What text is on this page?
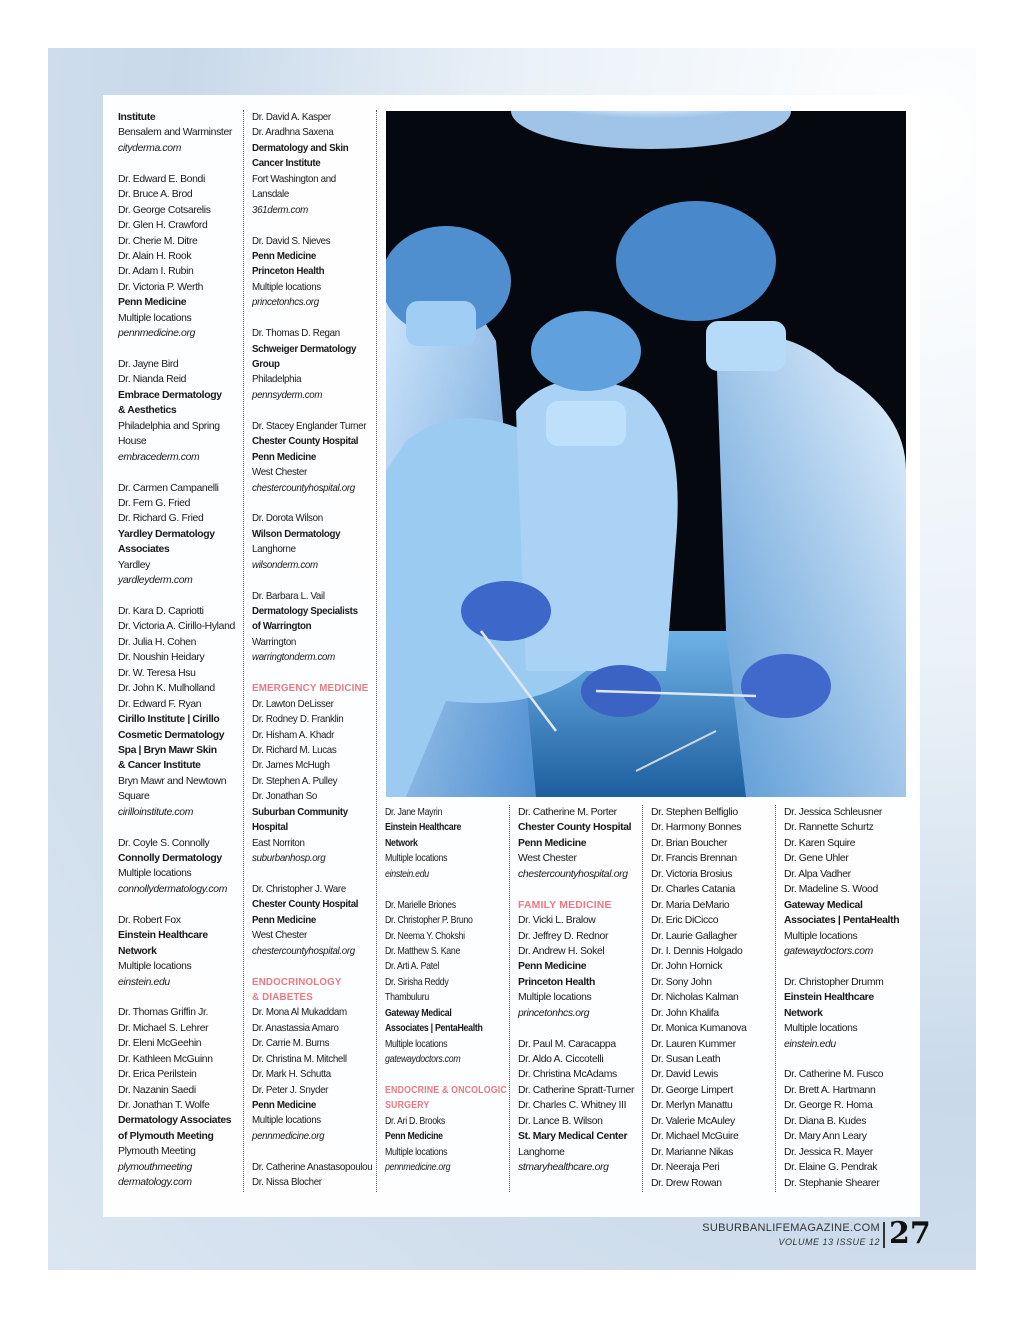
Institute
Bensalem and Warminster
cityderma.com
Dr. Edward E. Bondi
Dr. Bruce A. Brod
Dr. George Cotsarelis
Dr. Glen H. Crawford
Dr. Cherie M. Ditre
Dr. Alain H. Rook
Dr. Adam I. Rubin
Dr. Victoria P. Werth
Penn Medicine
Multiple locations
pennmedicine.org
Dr. Jayne Bird
Dr. Nianda Reid
Embrace Dermatology
& Aesthetics
Philadelphia and Spring
House
embracederm.com
Dr. Carmen Campanelli
Dr. Fern G. Fried
Dr. Richard G. Fried
Yardley Dermatology
Associates
Yardley
yardleyderm.com
Dr. Kara D. Capriotti
Dr. Victoria A. Cirillo-Hyland
Dr. Julia H. Cohen
Dr. Noushin Heidary
Dr. W. Teresa Hsu
Dr. John K. Mulholland
Dr. Edward F. Ryan
Cirillo Institute | Cirillo
Cosmetic Dermatology
Spa | Bryn Mawr Skin
& Cancer Institute
Bryn Mawr and Newtown
Square
cirilloinstitute.com
Dr. Coyle S. Connolly
Connolly Dermatology
Multiple locations
connollydermatology.com
Dr. Robert Fox
Einstein Healthcare
Network
Multiple locations
einstein.edu
Dr. Thomas Griffin Jr.
Dr. Michael S. Lehrer
Dr. Eleni McGeehin
Dr. Kathleen McGuinn
Dr. Erica Perilstein
Dr. Nazanin Saedi
Dr. Jonathan T. Wolfe
Dermatology Associates
of Plymouth Meeting
Plymouth Meeting
plymouthmeeting
dermatology.com
Dr. David A. Kasper
Dr. Aradhna Saxena
Dermatology and Skin
Cancer Institute
Fort Washington and
Lansdale
361derm.com
Dr. David S. Nieves
Penn Medicine
Princeton Health
Multiple locations
princetonhcs.org
Dr. Thomas D. Regan
Schweiger Dermatology
Group
Philadelphia
pennsyderm.com
Dr. Stacey Englander Turner
Chester County Hospital
Penn Medicine
West Chester
chestercountyhospital.org
Dr. Dorota Wilson
Wilson Dermatology
Langhorne
wilsonderm.com
Dr. Barbara L. Vail
Dermatology Specialists
of Warrington
Warrington
warringtonderm.com
EMERGENCY MEDICINE
Dr. Lawton DeLisser
Dr. Rodney D. Franklin
Dr. Hisham A. Khadr
Dr. Richard M. Lucas
Dr. James McHugh
Dr. Stephen A. Pulley
Dr. Jonathan So
Suburban Community
Hospital
East Norriton
suburbanhosp.org
Dr. Christopher J. Ware
Chester County Hospital
Penn Medicine
West Chester
chestercountyhospital.org
ENDOCRINOLOGY
& DIABETES
Dr. Mona Al Mukaddam
Dr. Anastassia Amaro
Dr. Carrie M. Burns
Dr. Christina M. Mitchell
Dr. Mark H. Schutta
Dr. Peter J. Snyder
Penn Medicine
Multiple locations
pennmedicine.org
Dr. Catherine Anastasopoulou
Dr. Nissa Blocher
Dr. Jane Mayrin
Einstein Healthcare
Network
Multiple locations
einstein.edu
Dr. Marielle Briones
Dr. Christopher P. Bruno
Dr. Neema Y. Chokshi
Dr. Matthew S. Kane
Dr. Arti A. Patel
Dr. Sirisha Reddy
Thambuluru
Gateway Medical
Associates | PentaHealth
Multiple locations
gatewaydoctors.com
ENDOCRINE & ONCOLOGIC
SURGERY
Dr. Ari D. Brooks
Penn Medicine
Multiple locations
pennmedicine.org
Dr. Catherine M. Porter
Chester County Hospital
Penn Medicine
West Chester
chestercountyhospital.org
FAMILY MEDICINE
Dr. Vicki L. Bralow
Dr. Jeffrey D. Rednor
Dr. Andrew H. Sokel
Penn Medicine
Princeton Health
Multiple locations
princetonhcs.org
Dr. Paul M. Caracappa
Dr. Aldo A. Ciccotelli
Dr. Christina McAdams
Dr. Catherine Spratt-Turner
Dr. Charles C. Whitney III
Dr. Lance B. Wilson
St. Mary Medical Center
Langhorne
stmaryhealthcare.org
Dr. Stephen Belfiglio
Dr. Harmony Bonnes
Dr. Brian Boucher
Dr. Francis Brennan
Dr. Victoria Brosius
Dr. Charles Catania
Dr. Maria DeMario
Dr. Eric DiCicco
Dr. Laurie Gallagher
Dr. I. Dennis Holgado
Dr. John Hornick
Dr. Sony John
Dr. Nicholas Kalman
Dr. John Khalifa
Dr. Monica Kumanova
Dr. Lauren Kummer
Dr. Susan Leath
Dr. David Lewis
Dr. George Limpert
Dr. Merlyn Manattu
Dr. Valerie McAuley
Dr. Michael McGuire
Dr. Marianne Nikas
Dr. Neeraja Peri
Dr. Drew Rowan
Dr. Jessica Schleusner
Dr. Rannette Schurtz
Dr. Karen Squire
Dr. Gene Uhler
Dr. Alpa Vadher
Dr. Madeline S. Wood
Gateway Medical
Associates | PentaHealth
Multiple locations
gatewaydoctors.com
Dr. Christopher Drumm
Einstein Healthcare
Network
Multiple locations
einstein.edu
Dr. Catherine M. Fusco
Dr. Brett A. Hartmann
Dr. George R. Homa
Dr. Diana B. Kudes
Dr. Mary Ann Leary
Dr. Jessica R. Mayer
Dr. Elaine G. Pendrak
Dr. Stephanie Shearer
SUBURBANLIFEMAGAZINE.COM
VOLUME 13 ISSUE 12 27
